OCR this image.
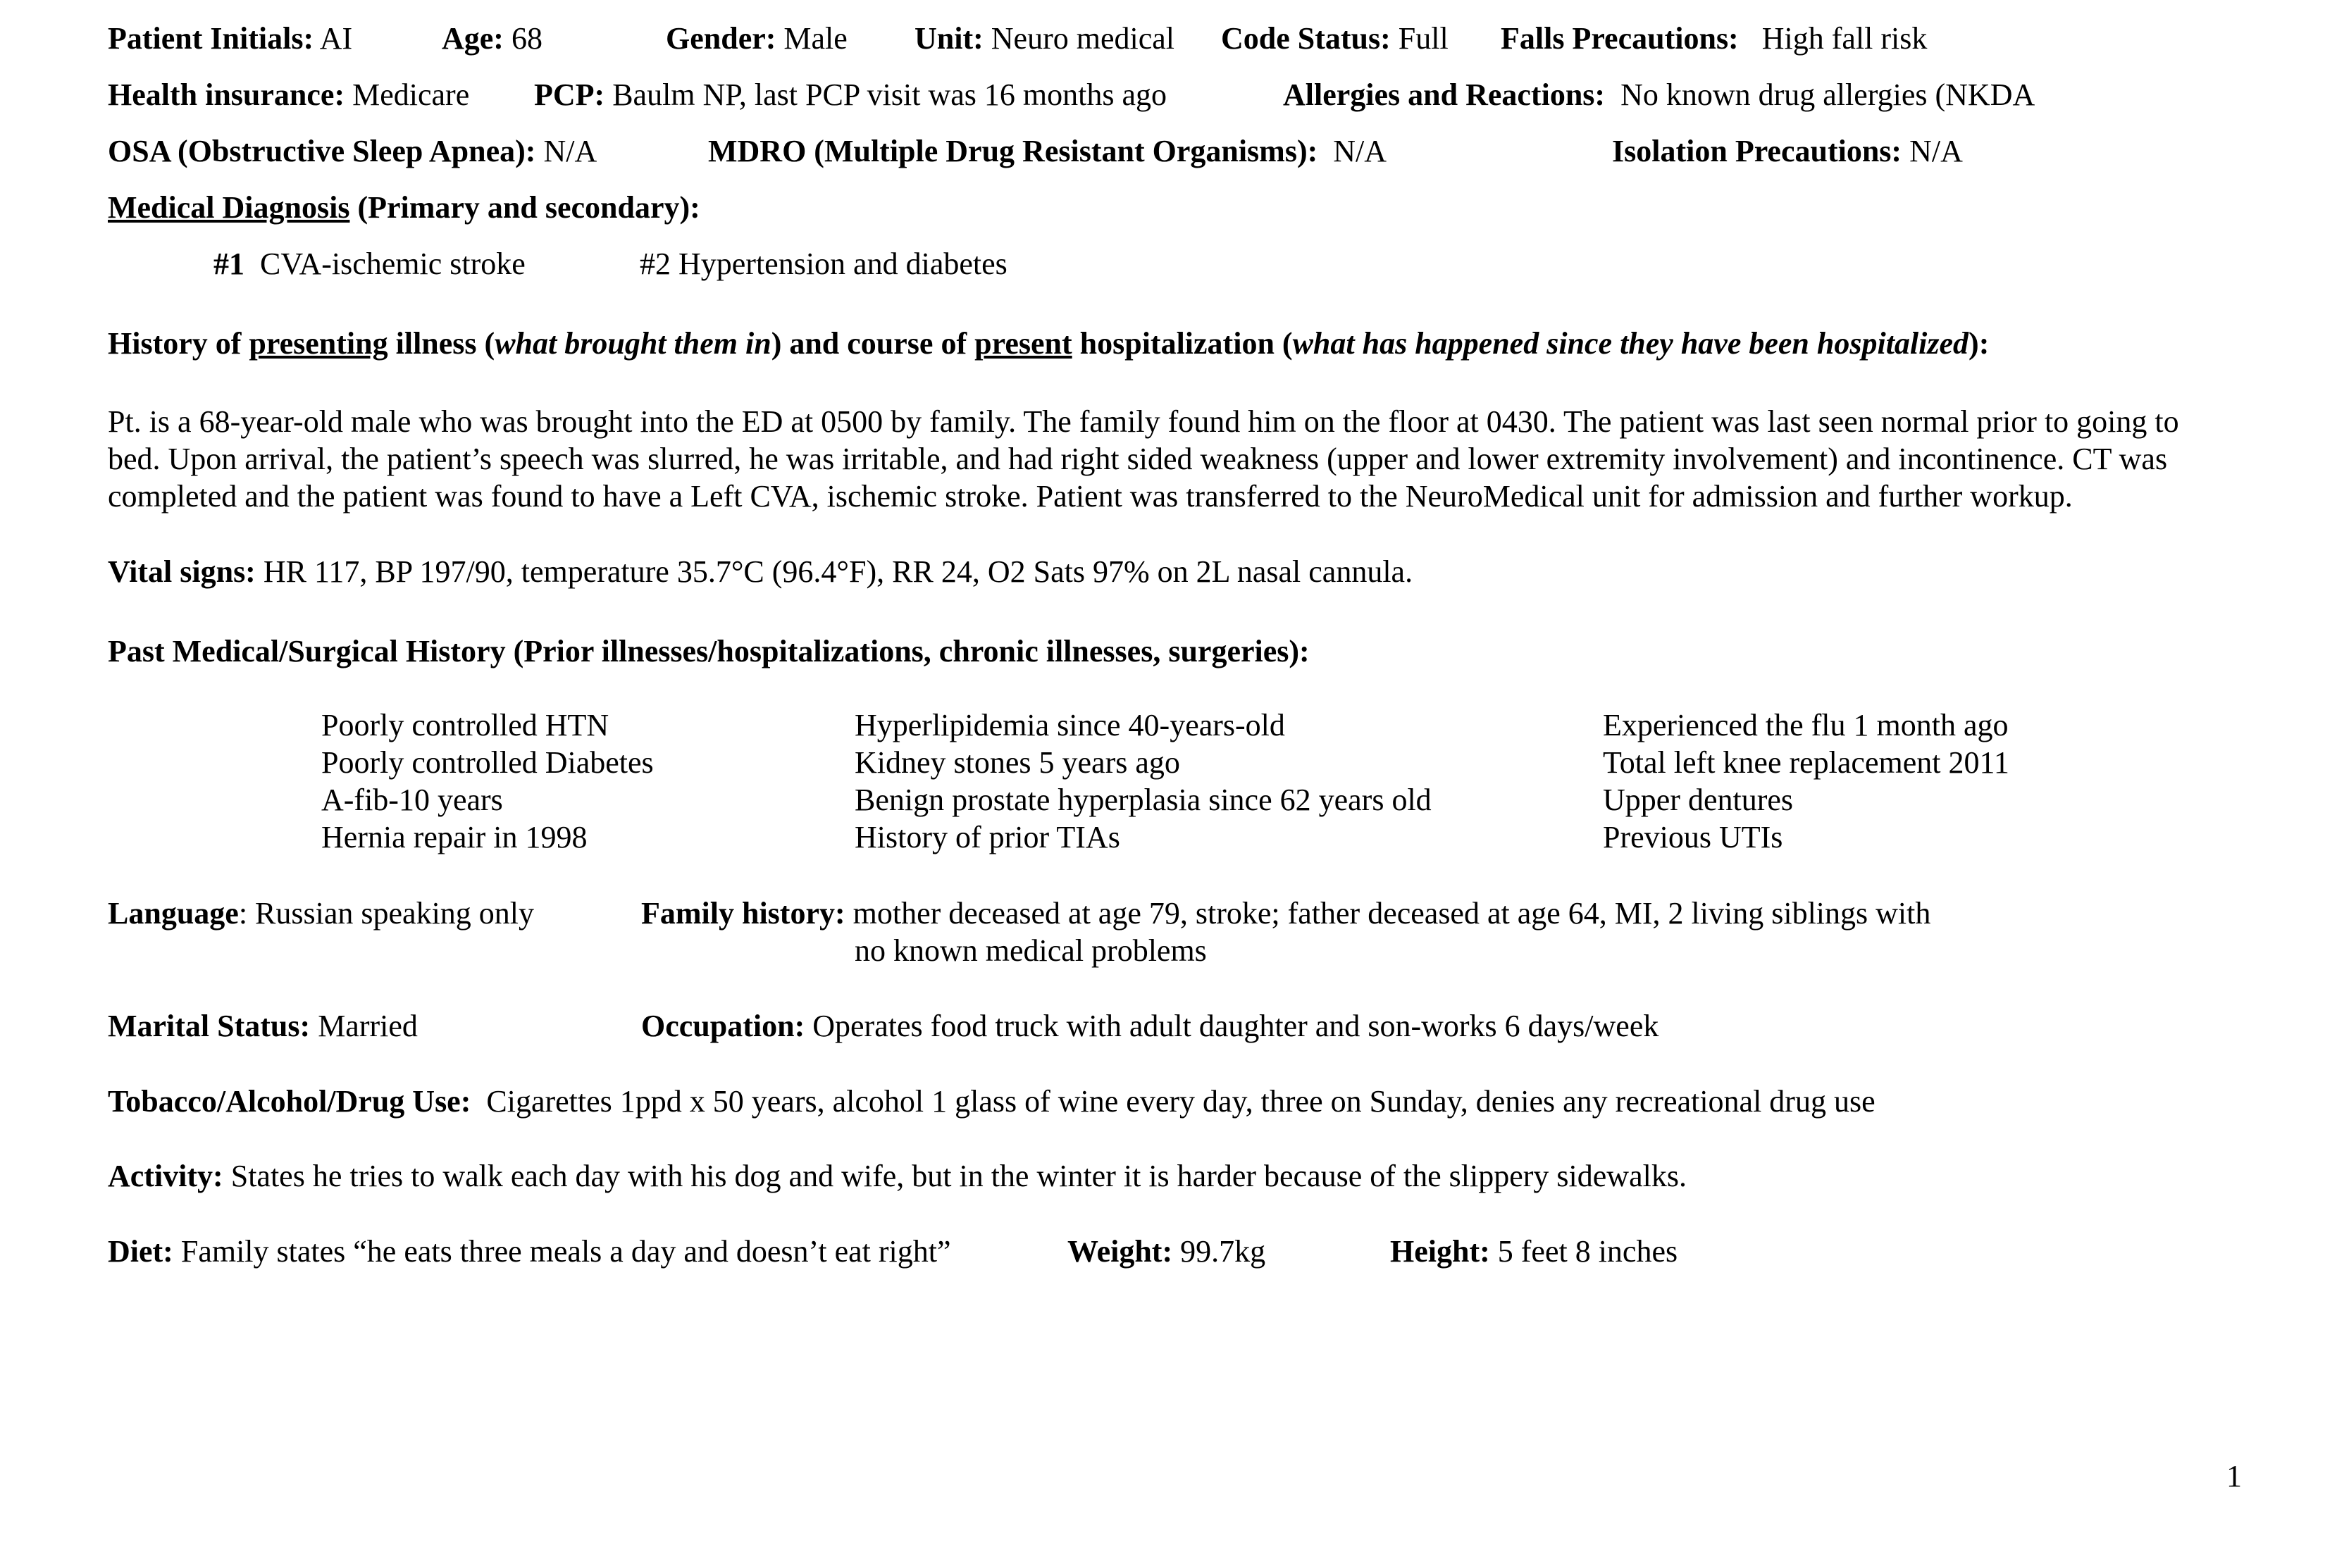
Patient Initials: AI	Age: 68	Gender: Male Unit: Neuro medical Code Status: Full Falls Precautions: High fall risk
Health insurance: Medicare PCP: Baulm NP, last PCP visit was 16 months ago	Allergies and Reactions: No known drug allergies (NKDA
OSA (Obstructive Sleep Apnea): N/A	MDRO (Multiple Drug Resistant Organisms): N/A	Isolation Precautions: N/A
Medical Diagnosis (Primary and secondary):
#1 CVA-ischemic stroke	#2 Hypertension and diabetes
History of presenting illness (what brought them in) and course of present hospitalization (what has happened since they have been hospitalized):
Pt. is a 68-year-old male who was brought into the ED at 0500 by family. The family found him on the floor at 0430. The patient was last seen normal prior to going to bed. Upon arrival, the patient’s speech was slurred, he was irritable, and had right sided weakness (upper and lower extremity involvement) and incontinence. CT was completed and the patient was found to have a Left CVA, ischemic stroke. Patient was transferred to the NeuroMedical unit for admission and further workup.
Vital signs: HR 117, BP 197/90, temperature 35.7°C (96.4°F), RR 24, O2 Sats 97% on 2L nasal cannula.
Past Medical/Surgical History (Prior illnesses/hospitalizations, chronic illnesses, surgeries):
Poorly controlled HTN
Poorly controlled Diabetes
A-fib-10 years
Hernia repair in 1998
Hyperlipidemia since 40-years-old
Kidney stones 5 years ago
Benign prostate hyperplasia since 62 years old
History of prior TIAs
Experienced the flu 1 month ago
Total left knee replacement 2011
Upper dentures
Previous UTIs
Language: Russian speaking only	Family history: mother deceased at age 79, stroke; father deceased at age 64, MI, 2 living siblings with
no known medical problems
Marital Status: Married	Occupation: Operates food truck with adult daughter and son-works 6 days/week
Tobacco/Alcohol/Drug Use: Cigarettes 1ppd x 50 years, alcohol 1 glass of wine every day, three on Sunday, denies any recreational drug use
Activity: States he tries to walk each day with his dog and wife, but in the winter it is harder because of the slippery sidewalks.
Diet: Family states “he eats three meals a day and doesn’t eat right”	Weight: 99.7kg	Height: 5 feet 8 inches
1
